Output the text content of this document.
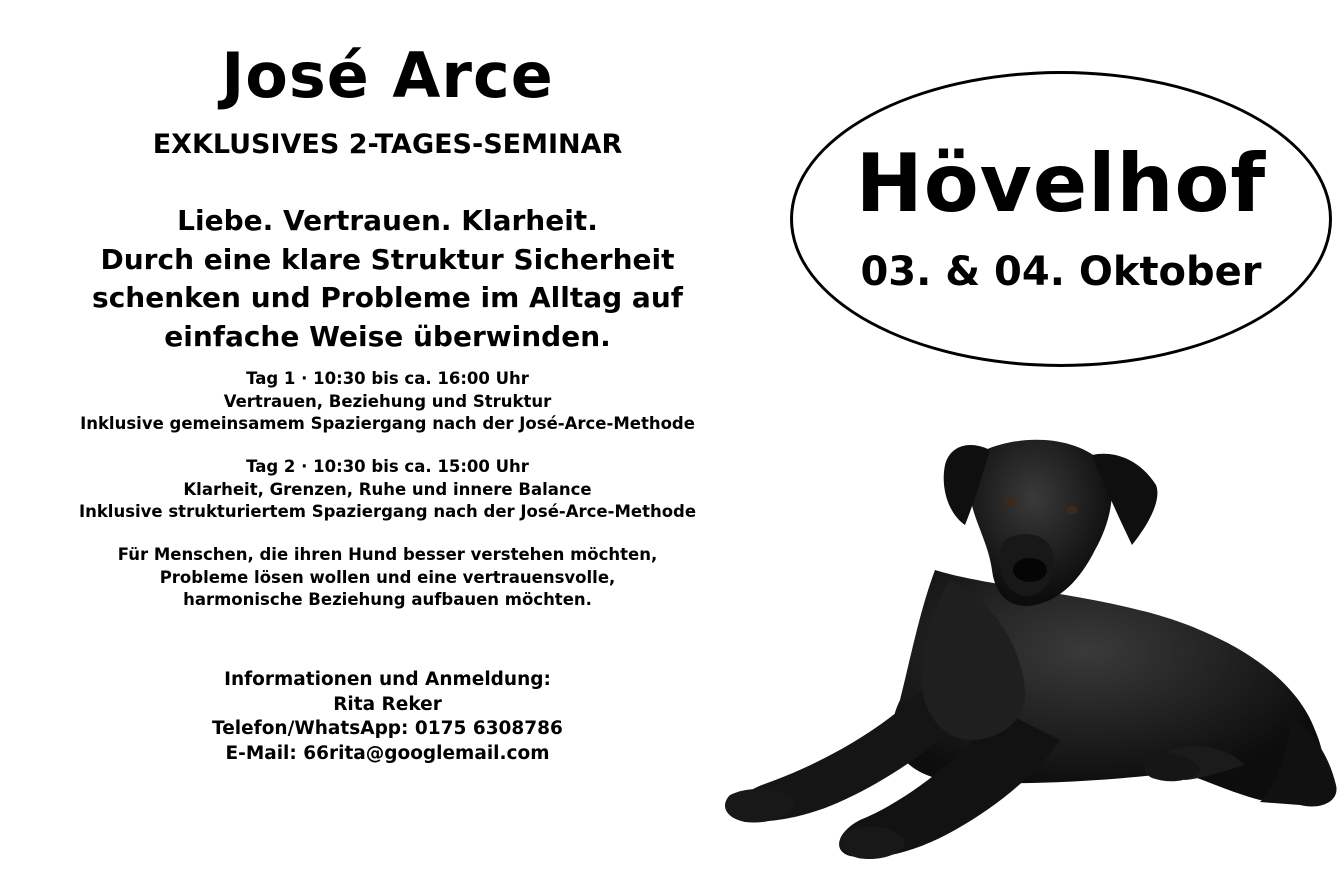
José Arce
EXKLUSIVES 2-TAGES-SEMINAR
Liebe. Vertrauen. Klarheit.
Durch eine klare Struktur Sicherheit
schenken und Probleme im Alltag auf
einfache Weise überwinden.
Tag 1 · 10:30 bis ca. 16:00 Uhr
Vertrauen, Beziehung und Struktur
Inklusive gemeinsamem Spaziergang nach der José-Arce-Methode
Tag 2 · 10:30 bis ca. 15:00 Uhr
Klarheit, Grenzen, Ruhe und innere Balance
Inklusive strukturiertem Spaziergang nach der José-Arce-Methode
Für Menschen, die ihren Hund besser verstehen möchten,
Probleme lösen wollen und eine vertrauensvolle,
harmonische Beziehung aufbauen möchten.
Informationen und Anmeldung:
Rita Reker
Telefon/WhatsApp: 0175 6308786
E-Mail: 66rita@googlemail.com
Hövelhof
03. & 04. Oktober
